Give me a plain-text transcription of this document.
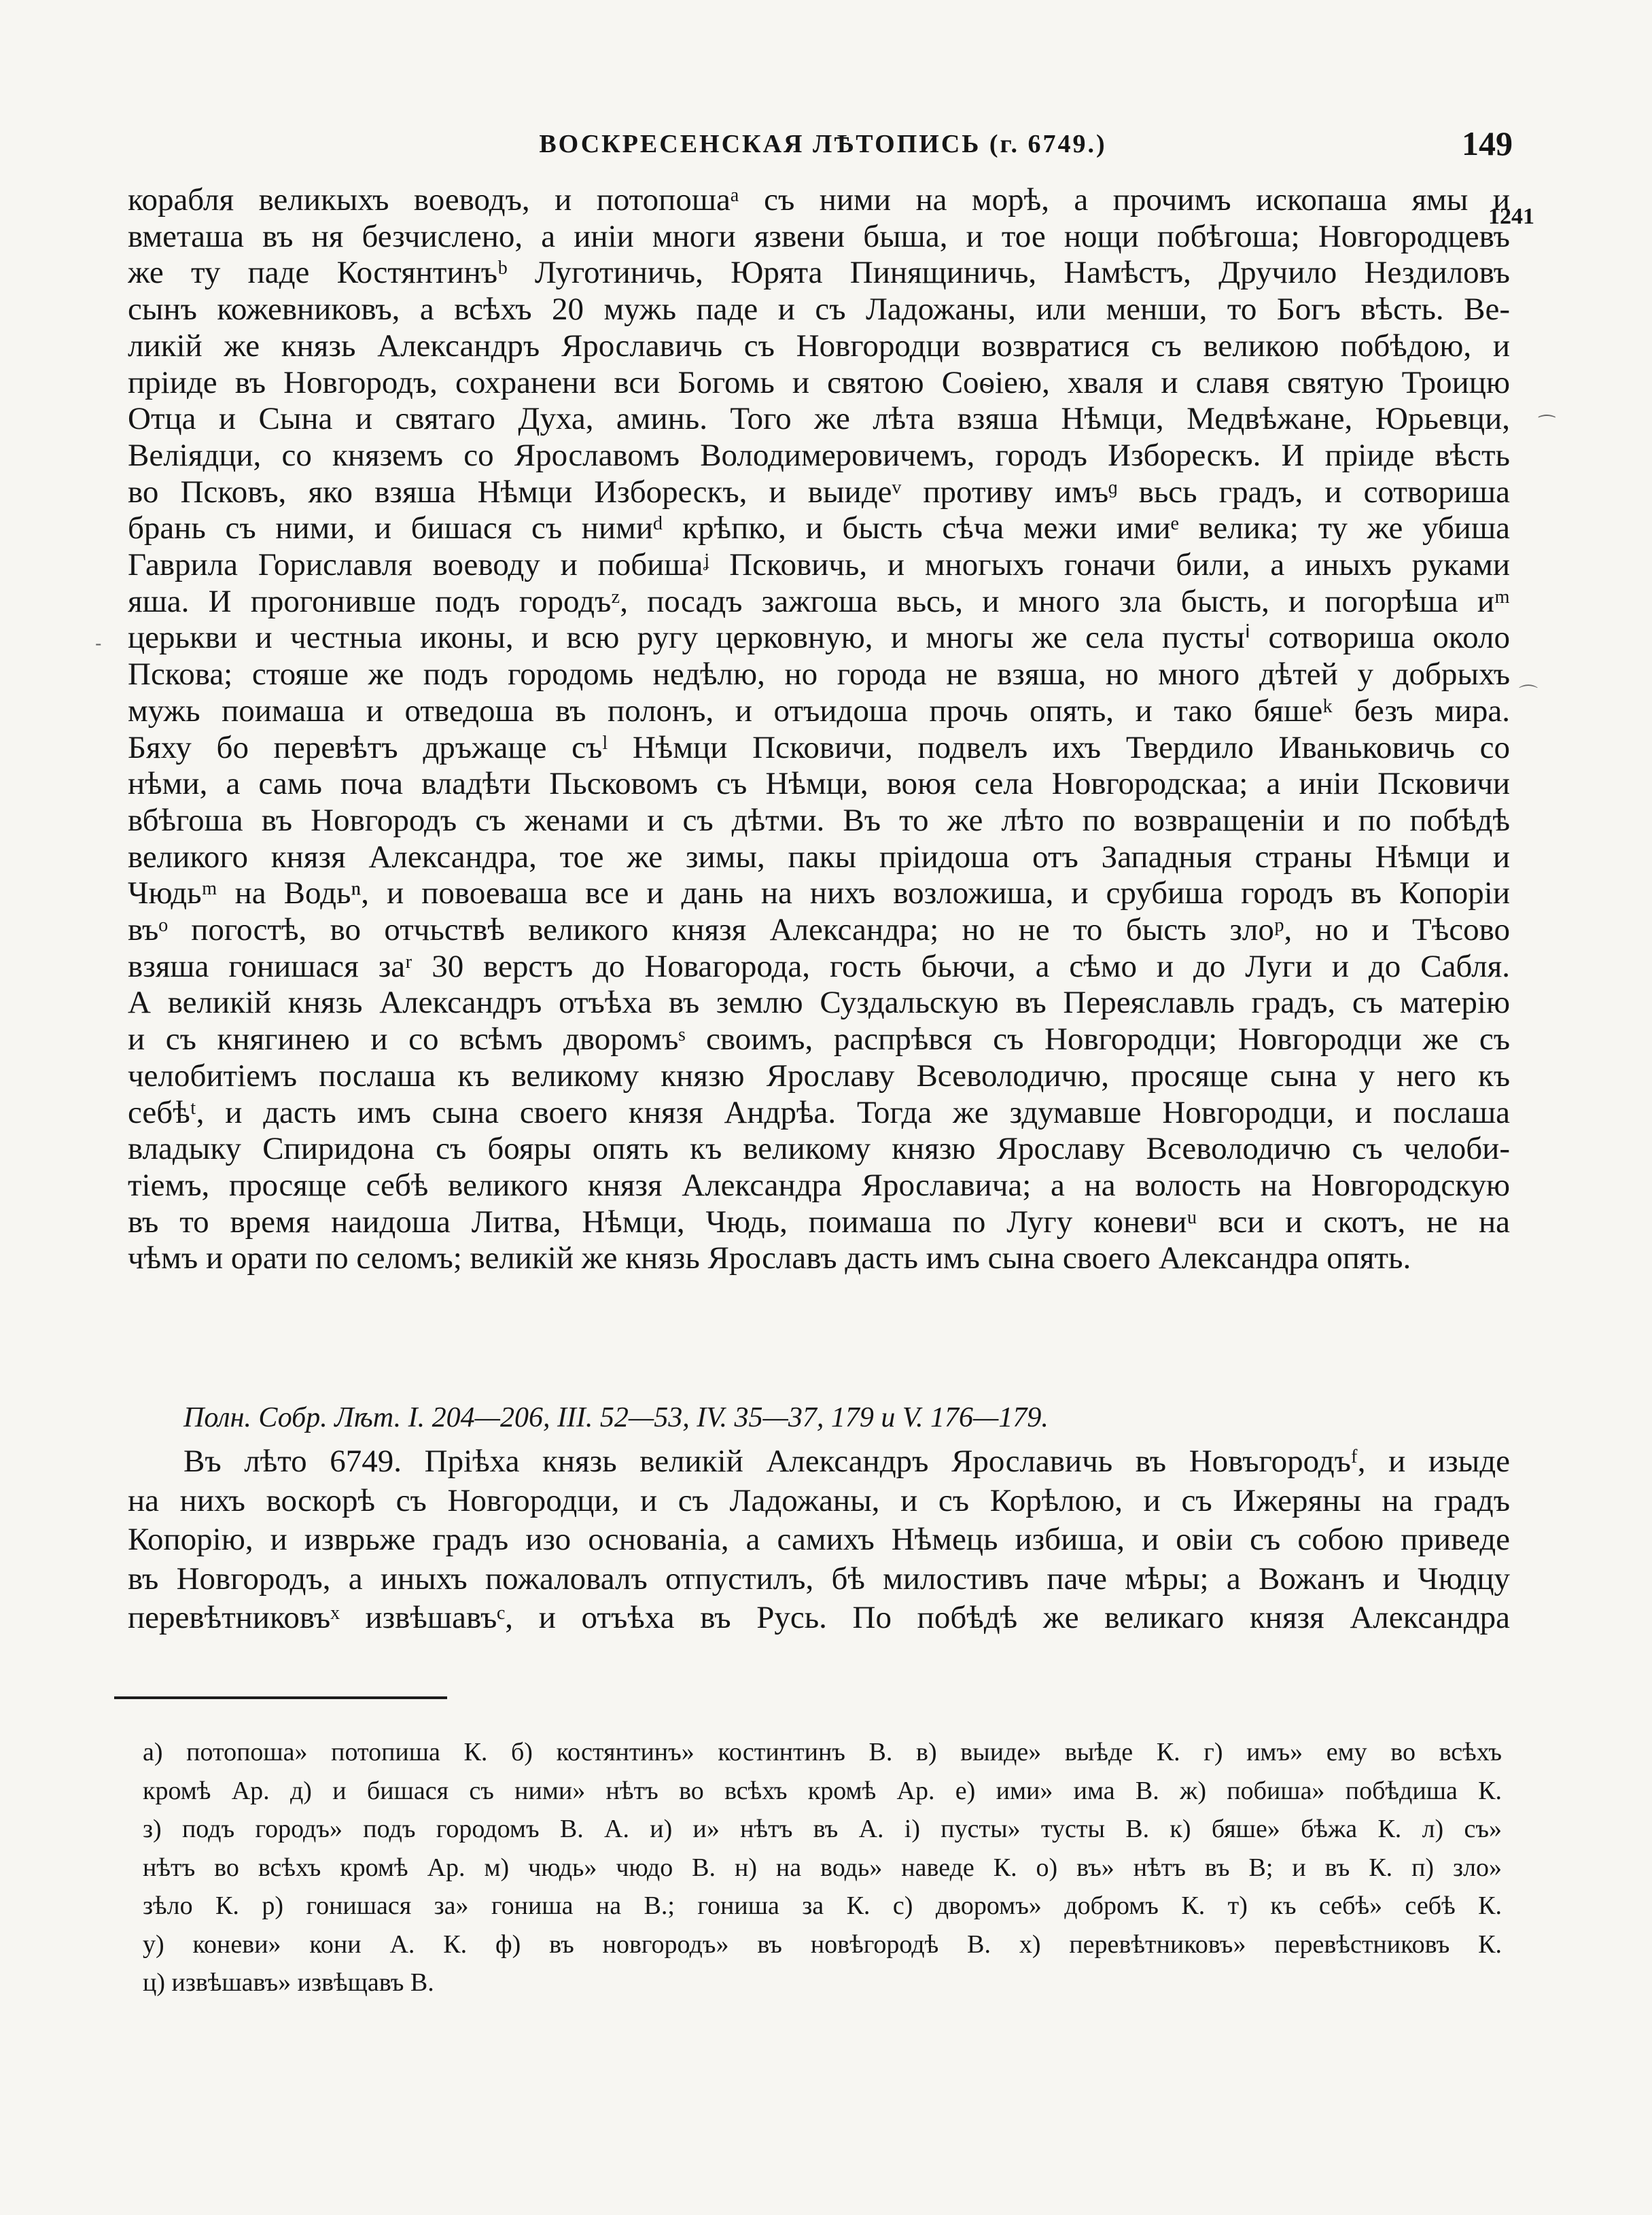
ВОСКРЕСЕНСКАЯ ЛѢТОПИСЬ (г. 6749.)	149
1241
корабля великыхъ воеводъ, и потопошаᵃ съ ними на морѣ, а прочимъ ископаша ямы и
вметаша въ ня безчислено, а инiи многи язвени быша, и тое нощи побѣгоша; Новгородцевъ
же ту паде Костянтинъᵇ Луготиничь, Юрята Пинящиничь, Намѣстъ, Дручило Нездиловъ
сынъ кожевниковъ, а всѣхъ 20 мужь паде и съ Ладожаны, или менши, то Богъ вѣсть. Ве-
ликiй же князь Александръ Ярославичь съ Новгородци возвратися съ великою побѣдою, и
прiиде въ Новгородъ, сохранени вси Богомь и святою Соѳiею, хваля и славя святую Троицю
Отца и Сына и святаго Духа, аминь. Того же лѣта взяша Нѣмци, Медвѣжане, Юрьевци,
Велiядци, со княземъ со Ярославомъ Володимеровичемъ, городъ Изборескъ. И прiиде вѣсть
во Псковъ, яко взяша Нѣмци Изборескъ, и выидеᵛ противу имъᶢ вьсь градъ, и сотвориша
брань съ ними, и бишася съ нимиᵈ крѣпко, и бысть сѣча межи имиᵉ велика; ту же убиша
Гаврила Гориславля воеводу и побишаᶨ Псковичь, и многыхъ гоначи били, а иныхъ руками
яша. И прогонивше подъ городъᶻ, посадъ зажгоша вьсь, и много зла бысть, и погорѣша иᵐ
церькви и честныа иконы, и всю ругу церковную, и многы же села пустыⁱ сотвориша около
Пскова; стояше же подъ городомь недѣлю, но города не взяша, но много дѣтей у добрыхъ
мужь поимаша и отведоша въ полонъ, и отъидоша прочь опять, и тако бяшеᵏ безъ мира.
Бяху бо перевѣтъ дръжаще съˡ Нѣмци Псковичи, подвелъ ихъ Твердило Иваньковичь со
нѣми, а самь поча владѣти Пьсковомъ съ Нѣмци, воюя села Новгородскаа; а инiи Псковичи
вбѣгоша въ Новгородъ съ женами и съ дѣтми. Въ то же лѣто по возвращенiи и по побѣдѣ
великого князя Александра, тое же зимы, пакы прiидоша отъ Западныя страны Нѣмци и
Чюдьᵐ на Водьⁿ, и повоеваша все и дань на нихъ возложиша, и срубиша городъ въ Копорiи
въᵒ погостѣ, во отчьствѣ великого князя Александра; но не то бысть злоᵖ, но и Тѣсово
взяша гонишася заʳ 30 верстъ до Новагорода, гость бьючи, а сѣмо и до Луги и до Сабля.
А великiй князь Александръ отъѣха въ землю Суздальскую въ Переяславль градъ, съ матерiю
и съ княгинею и со всѣмъ дворомъˢ своимъ, распрѣвся съ Новгородци; Новгородци же съ
челобитiемъ послаша къ великому князю Ярославу Всеволодичю, просяще сына у него къ
себѣᵗ, и дасть имъ сына своего князя Андрѣа. Тогда же здумавше Новгородци, и послаша
владыку Спиридона съ бояры опять къ великому князю Ярославу Всеволодичю съ челоби-
тiемъ, просяще себѣ великого князя Александра Ярославича; а на волость на Новгородскую
въ то время наидоша Литва, Нѣмци, Чюдь, поимаша по Лугу коневиᵘ вси и скотъ, не на
чѣмъ и орати по селомъ; великiй же князь Ярославъ дасть имъ сына своего Александра опять.
Полн. Собр. Лѣт. I. 204—206, III. 52—53, IV. 35—37, 179 и V. 176—179.
Въ лѣто 6749. Прiѣха князь великiй Александръ Ярославичь въ Новъгородъᶠ, и изыде
на нихъ воскорѣ съ Новгородци, и съ Ладожаны, и съ Корѣлою, и съ Ижеряны на градъ
Копорiю, и изврьже градъ изо основанiа, а самихъ Нѣмець избиша, и овiи съ собою приведе
въ Новгородъ, а иныхъ пожаловалъ отпустилъ, бѣ милостивъ паче мѣры; а Вожанъ и Чюдцу
перевѣтниковъˣ извѣшавъᶜ, и отъѣха въ Русь. По побѣдѣ же великаго князя Александра
а) потопоша» потопиша К. б) костянтинъ» костинтинъ В. в) выиде» выѣде К. г) имъ» ему во всѣхъ
кромѣ Ар. д) и бишася съ ними» нѣтъ во всѣхъ кромѣ Ар. е) ими» има В. ж) побиша» побѣдиша К.
з) подъ городъ» подъ городомъ В. А. и) и» нѣтъ въ А. i) пусты» тусты В. к) бяше» бѣжа К. л) съ»
нѣтъ во всѣхъ кромѣ Ар. м) чюдь» чюдо В. н) на водь» наведе К. о) въ» нѣтъ въ В; и въ К. п) зло»
зѣло К. р) гонишася за» гониша на В.; гониша за К. с) дворомъ» добромъ К. т) къ себѣ» себѣ К.
у) коневи» кони А. К. ф) въ новгородъ» въ новѣгородѣ В. х) перевѣтниковъ» перевѣстниковъ К.
ц) извѣшавъ» извѣщавъ В.
⁀
-
⌒
